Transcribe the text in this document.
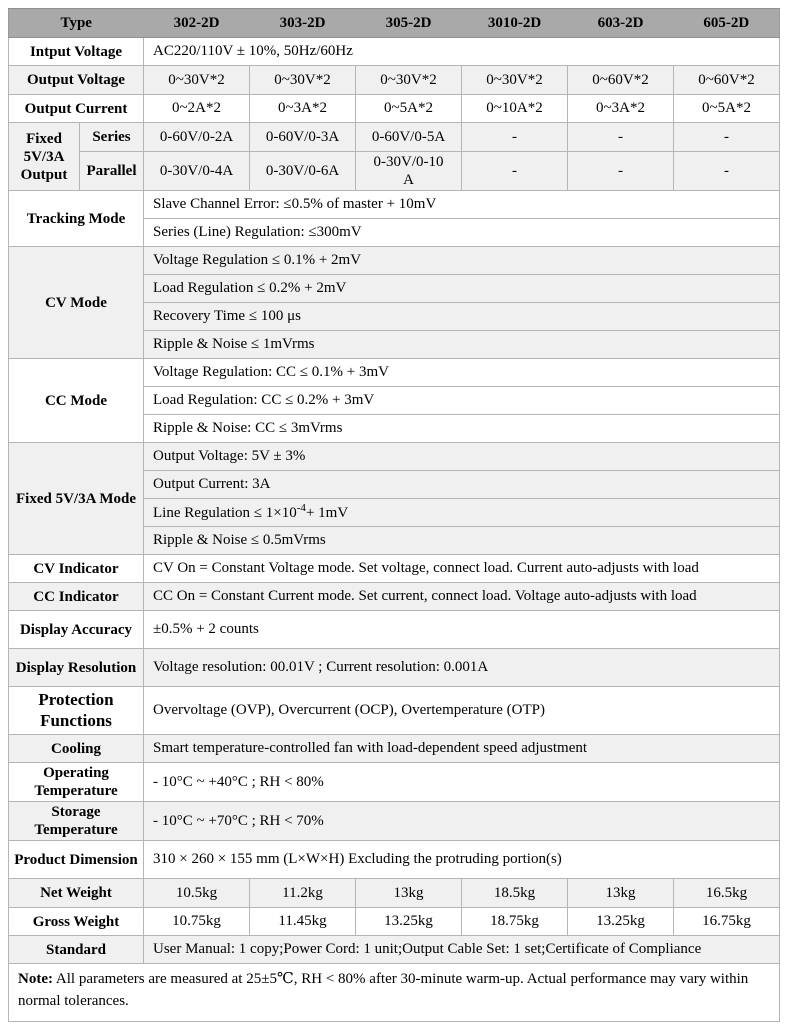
Type		302-2D	303-2D	305-2D	3010-2D	603-2D	605-2D
Intput Voltage		AC220/110V ± 10%, 50Hz/60Hz					
Output Voltage		0~30V*2	0~30V*2	0~30V*2	0~30V*2	0~60V*2	0~60V*2
Output Current		0~2A*2	0~3A*2	0~5A*2	0~10A*2	0~3A*2	0~5A*2
Fixed 5V/3A Output	Series	0-60V/0-2A	0-60V/0-3A	0-60V/0-5A	-	-	-
	Parallel	0-30V/0-4A	0-30V/0-6A	0-30V/0-10 A	-	-	-
Tracking Mode		Slave Channel Error: ≤0.5% of master + 10mV					
		Series (Line) Regulation: ≤300mV					
CV Mode		Voltage Regulation ≤ 0.1% + 2mV					
		Load Regulation ≤ 0.2% + 2mV					
		Recovery Time ≤ 100 μs					
		Ripple & Noise ≤ 1mVrms					
CC Mode		Voltage Regulation: CC ≤ 0.1% + 3mV					
		Load Regulation: CC ≤ 0.2% + 3mV					
		Ripple & Noise: CC ≤ 3mVrms					
Fixed 5V/3A Mode		Output Voltage: 5V ± 3%					
		Output Current: 3A					
		Line Regulation ≤ $1\times 10^{-4}+ 1mV$					
		Ripple & Noise ≤ 0.5mVrms					
CV Indicator		CV On = Constant Voltage mode. Set voltage, connect load. Current auto-adjusts with load					
CC Indicator		CC On = Constant Current mode. Set current, connect load. Voltage auto-adjusts with load					
Display Accuracy		±0.5% + 2 counts					
Display Resolution		Voltage resolution: 00.01V ; Current resolution: 0.001A					
Protection Functions		Overvoltage (OVP), Overcurrent (OCP), Overtemperature (OTP)					
Cooling		Smart temperature-controlled fan with load-dependent speed adjustment					
Operating Temperature		- 10°C ~ +40°C ; RH < 80%					
Storage Temperature		- 10°C ~ +70°C ; RH < 70%					
Product Dimension		310 × 260 × 155 mm (L×W×H) Excluding the protruding portion(s)					
Net Weight		10.5kg	11.2kg	13kg	18.5kg	13kg	16.5kg
Gross Weight		10.75kg	11.45kg	13.25kg	18.75kg	13.25kg	16.75kg
Standard		User Manual: 1 copy;Power Cord: 1 unit;Output Cable Set: 1 set;Certificate of Compliance					
Note: All parameters are measured at 25±5℃, RH < 80% after 30-minute warm-up. Actual performance may vary within normal tolerances.							
